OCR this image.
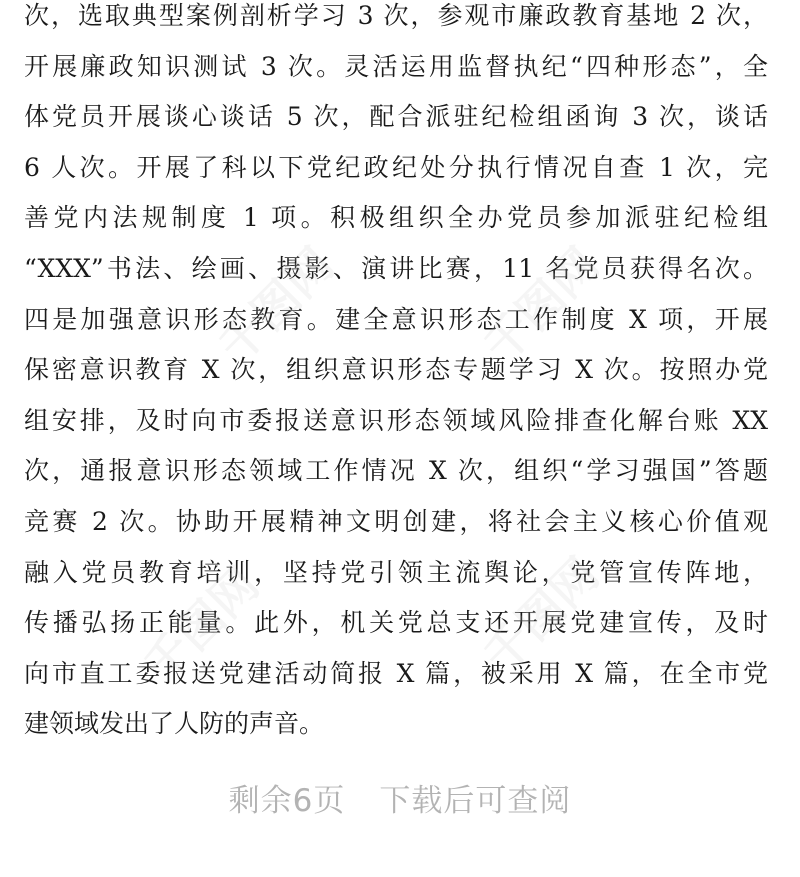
次，选取典型案例剖析学习 3 次，参观市廉政教育基地 2 次，
开展廉政知识测试 3 次。灵活运用监督执纪“四种形态”，全
体党员开展谈心谈话 5 次，配合派驻纪检组函询 3 次，谈话
6 人次。开展了科以下党纪政纪处分执行情况自查 1 次，完
善党内法规制度 1 项。积极组织全办党员参加派驻纪检组
“XXX”书法、绘画、摄影、演讲比赛，11 名党员获得名次。
四是加强意识形态教育。建全意识形态工作制度 X 项，开展
保密意识教育 X 次，组织意识形态专题学习 X 次。按照办党
组安排，及时向市委报送意识形态领域风险排查化解台账 XX
次，通报意识形态领域工作情况 X 次，组织“学习强国”答题
竞赛 2 次。协助开展精神文明创建，将社会主义核心价值观
融入党员教育培训，坚持党引领主流舆论，党管宣传阵地，
传播弘扬正能量。此外，机关党总支还开展党建宣传，及时
向市直工委报送党建活动简报 X 篇，被采用 X 篇，在全市党
建领域发出了人防的声音。
千图网	千图网
千图网	千图网
剩余6页 下载后可查阅
